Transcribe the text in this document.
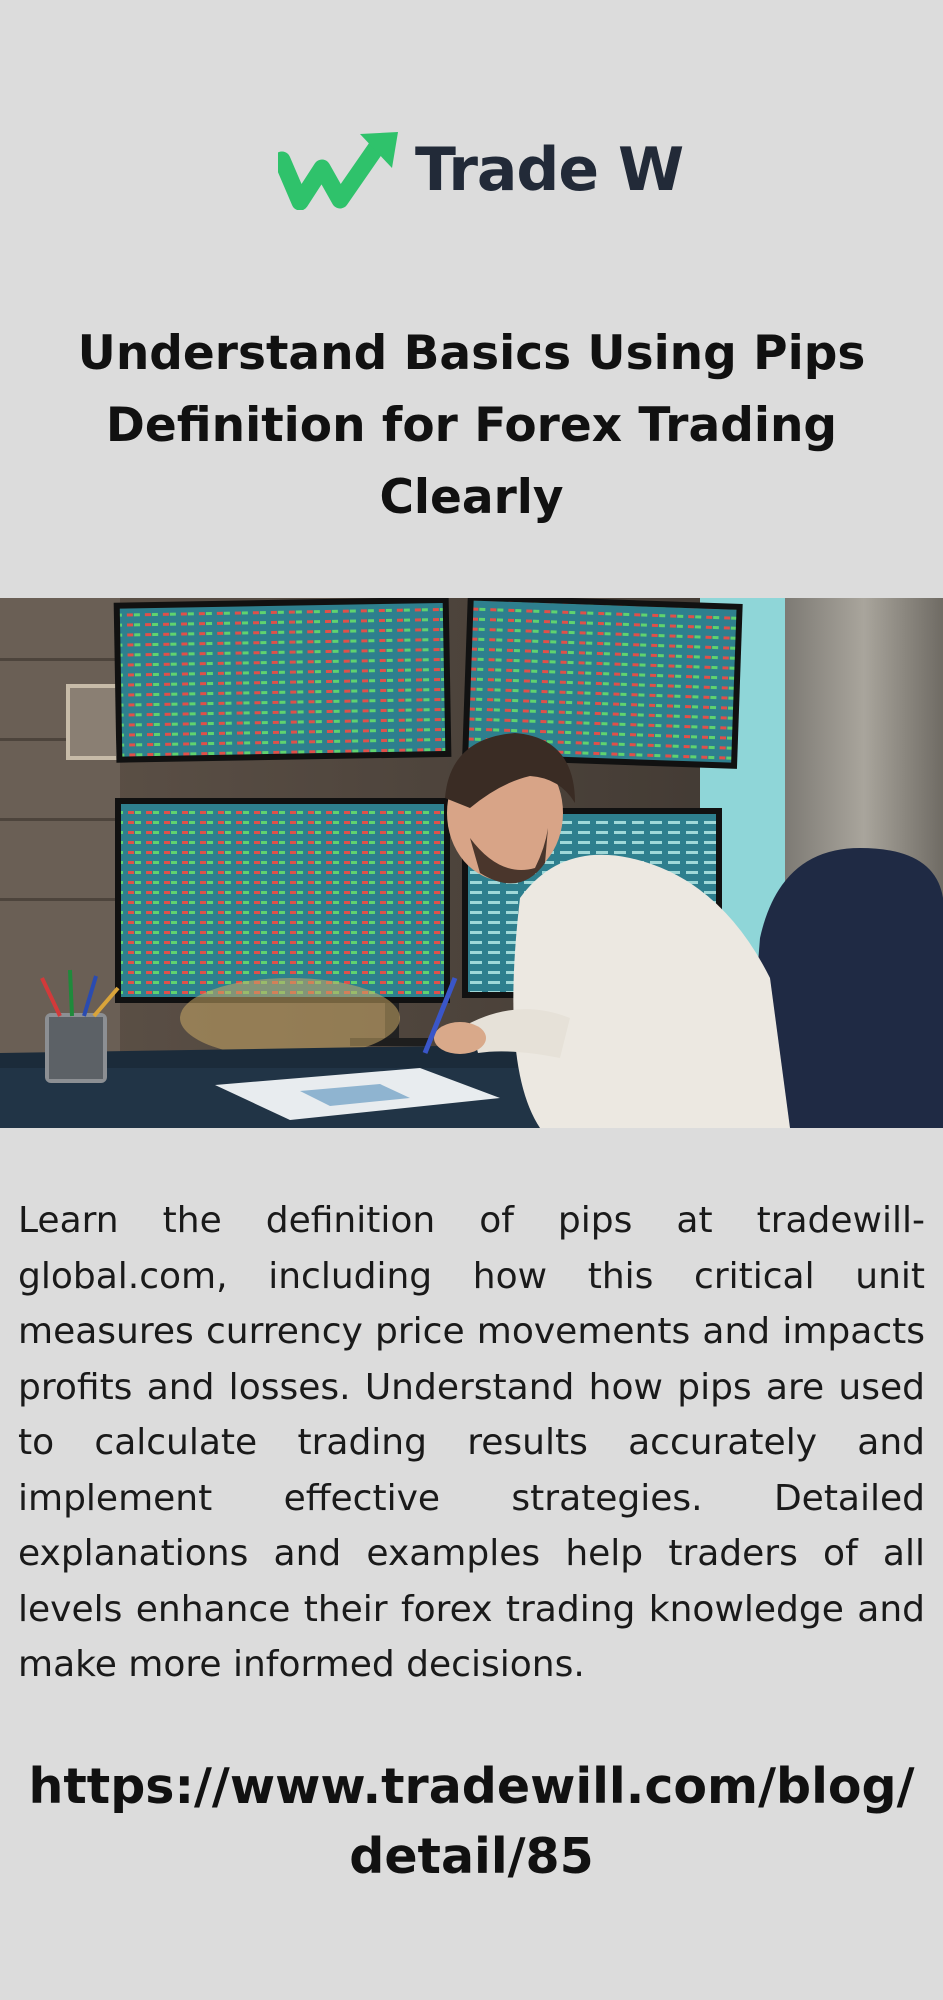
Trade W
Understand Basics Using Pips Definition for Forex Trading Clearly

Learn the definition of pips at tradewill-global.com, including how this critical unit measures currency price movements and impacts profits and losses. Understand how pips are used to calculate trading results accurately and implement effective strategies. Detailed explanations and examples help traders of all levels enhance their forex trading knowledge and make more informed decisions.

https://www.tradewill.com/blog/detail/85
